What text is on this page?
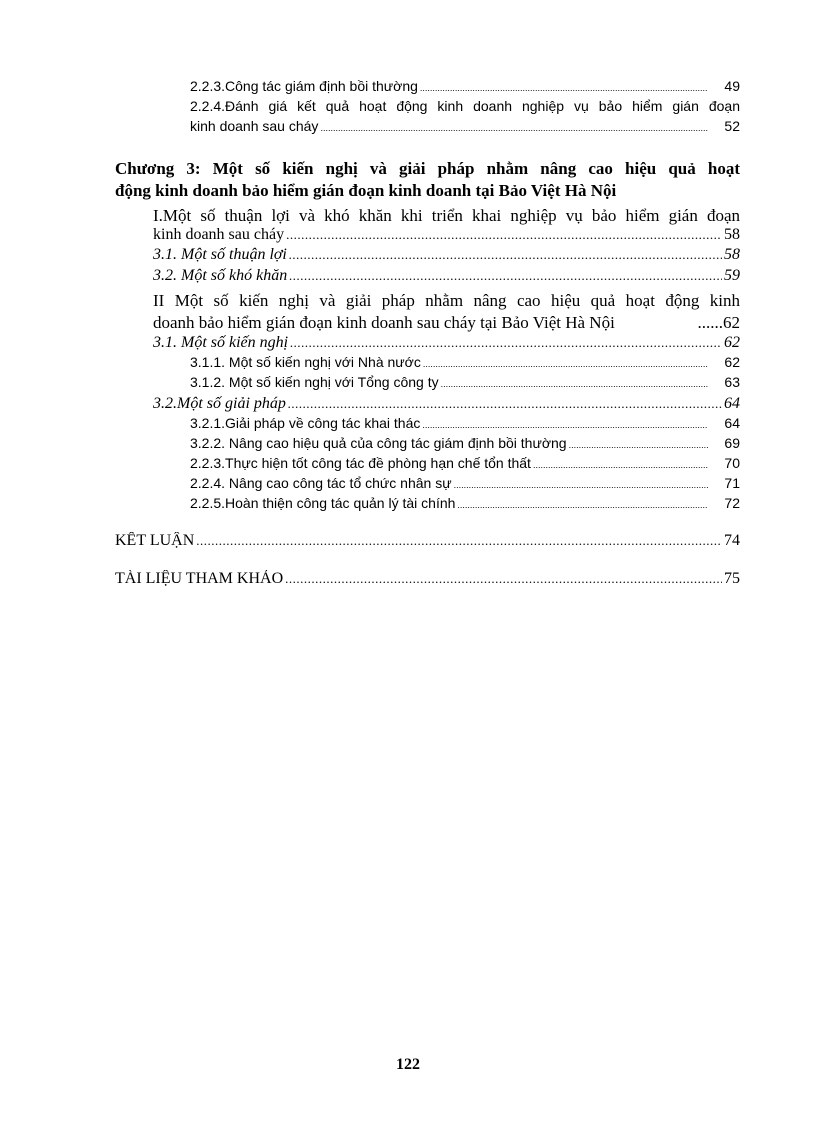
2.2.3.Công tác giám định bồi thường .....	49
2.2.4.Đánh giá kết quả hoạt động kinh doanh nghiệp vụ bảo hiểm gián đoạn
kinh doanh sau cháy .....	52
Chương 3: Một số kiến nghị và giải pháp nhằm nâng cao hiệu quả hoạt
động kinh doanh bảo hiểm gián đoạn kinh doanh tại Bảo Việt Hà Nội
I.Một số thuận lợi và khó khăn khi triển khai nghiệp vụ bảo hiểm gián đoạn
kinh doanh sau cháy .....	58
3.1. Một số thuận lợi .....	58
3.2. Một số khó khăn .....	59
II Một số kiến nghị và giải pháp nhằm nâng cao hiệu quả hoạt động kinh
doanh bảo hiểm gián đoạn kinh doanh sau cháy tại Bảo Việt Hà Nội	......62
3.1. Một số kiến nghị .....	62
3.1.1. Một số kiến nghị với Nhà nước .....	62
3.1.2. Một số kiến nghị với Tổng công ty .....	63
3.2.Một số giải pháp .....	64
3.2.1.Giải pháp về công tác khai thác .....	64
3.2.2. Nâng cao hiệu quả của công tác giám định bồi thường .....	69
2.2.3.Thực hiện tốt công tác đề phòng hạn chế tổn thất .....	70
2.2.4. Nâng cao công tác tổ chức nhân sự .....	71
2.2.5.Hoàn thiện công tác quản lý tài chính .....	72
KẾT LUẬN .....	74
TÀI LIỆU THAM KHẢO .....	75
122
